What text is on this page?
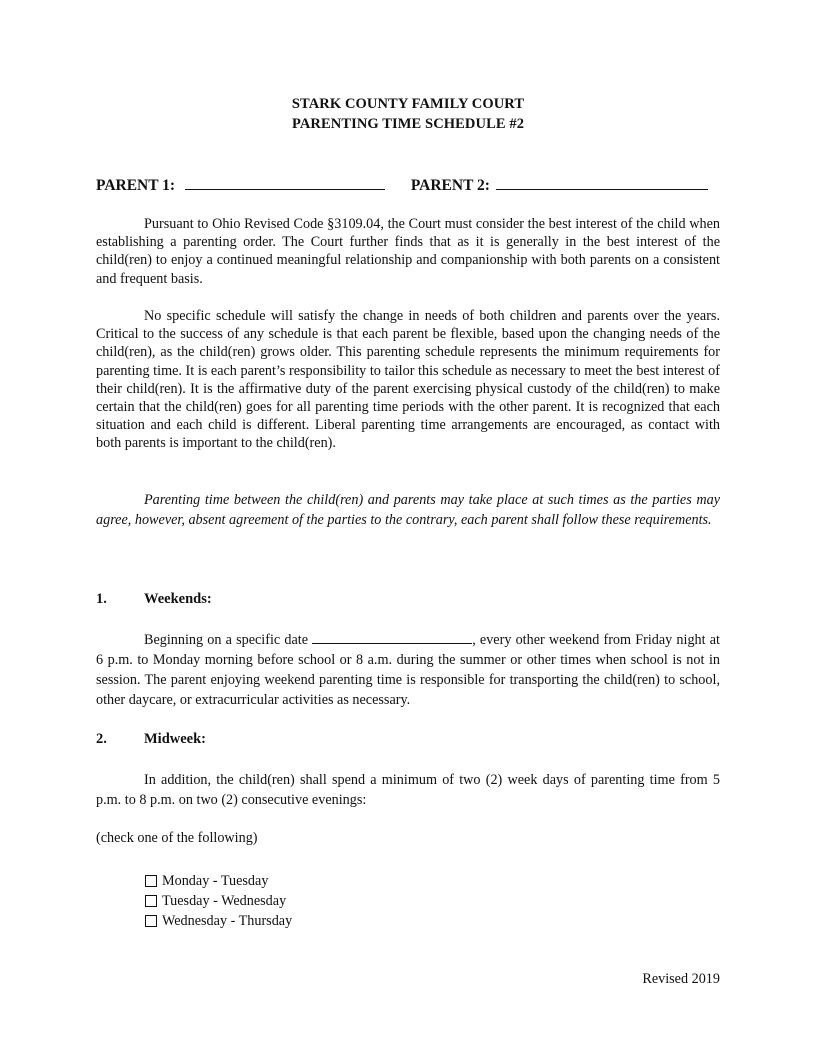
STARK COUNTY FAMILY COURT
PARENTING TIME SCHEDULE #2
PARENT 1:	PARENT 2:

Pursuant to Ohio Revised Code §3109.04, the Court must consider the best interest of the child when establishing a parenting order. The Court further finds that as it is generally in the best interest of the child(ren) to enjoy a continued meaningful relationship and companionship with both parents on a consistent and frequent basis.

No specific schedule will satisfy the change in needs of both children and parents over the years. Critical to the success of any schedule is that each parent be flexible, based upon the changing needs of the child(ren), as the child(ren) grows older. This parenting schedule represents the minimum requirements for parenting time. It is each parent’s responsibility to tailor this schedule as necessary to meet the best interest of their child(ren). It is the affirmative duty of the parent exercising physical custody of the child(ren) to make certain that the child(ren) goes for all parenting time periods with the other parent. It is recognized that each situation and each child is different. Liberal parenting time arrangements are encouraged, as contact with both parents is important to the child(ren).

Parenting time between the child(ren) and parents may take place at such times as the parties may agree, however, absent agreement of the parties to the contrary, each parent shall follow these requirements.

1.	Weekends:

Beginning on a specific date	, every other weekend from Friday night at 6 p.m. to Monday morning before school or 8 a.m. during the summer or other times when school is not in session. The parent enjoying weekend parenting time is responsible for transporting the child(ren) to school, other daycare, or extracurricular activities as necessary.

2.	Midweek:

In addition, the child(ren) shall spend a minimum of two (2) week days of parenting time from 5 p.m. to 8 p.m. on two (2) consecutive evenings:

(check one of the following)
Monday - Tuesday
Tuesday - Wednesday
Wednesday - Thursday
Revised 2019
